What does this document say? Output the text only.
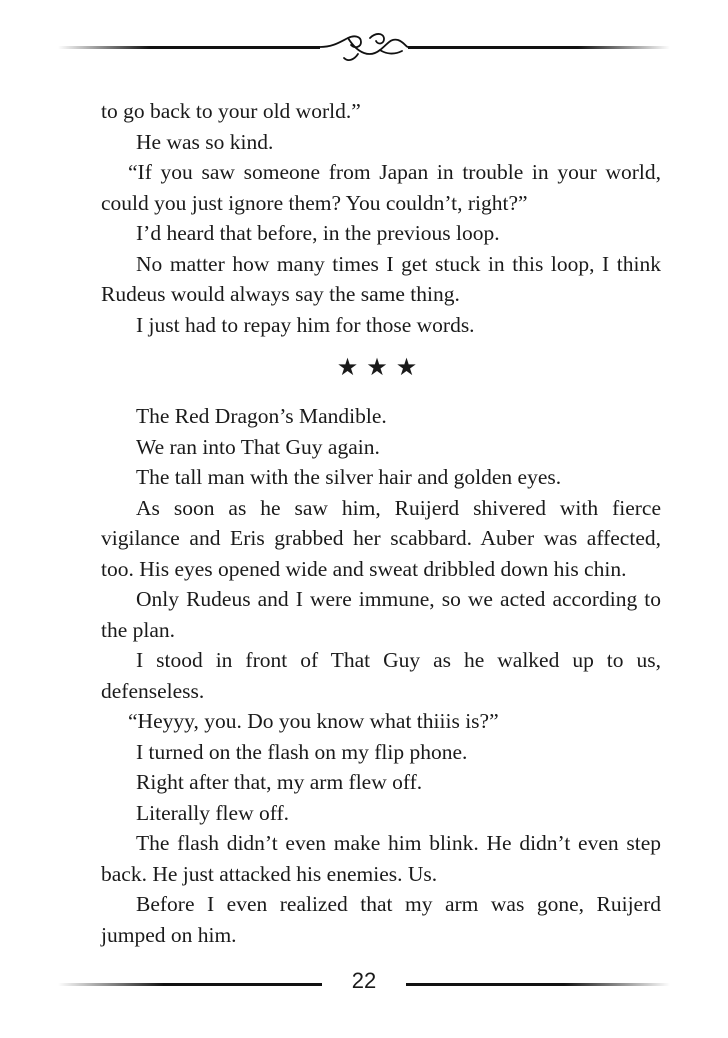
to go back to your old world.”

He was so kind.

“If you saw someone from Japan in trouble in your world, could you just ignore them? You couldn’t, right?”

I’d heard that before, in the previous loop.

No matter how many times I get stuck in this loop, I think Rudeus would always say the same thing.

I just had to repay him for those words.

★★★

The Red Dragon’s Mandible.

We ran into That Guy again.

The tall man with the silver hair and golden eyes.

As soon as he saw him, Ruijerd shivered with fierce vigilance and Eris grabbed her scabbard. Auber was affected, too. His eyes opened wide and sweat dribbled down his chin.

Only Rudeus and I were immune, so we acted according to the plan.

I stood in front of That Guy as he walked up to us, defenseless.

“Heyyy, you. Do you know what thiiis is?”

I turned on the flash on my flip phone.

Right after that, my arm flew off.

Literally flew off.

The flash didn’t even make him blink. He didn’t even step back. He just attacked his enemies. Us.

Before I even realized that my arm was gone, Ruijerd jumped on him.

22
